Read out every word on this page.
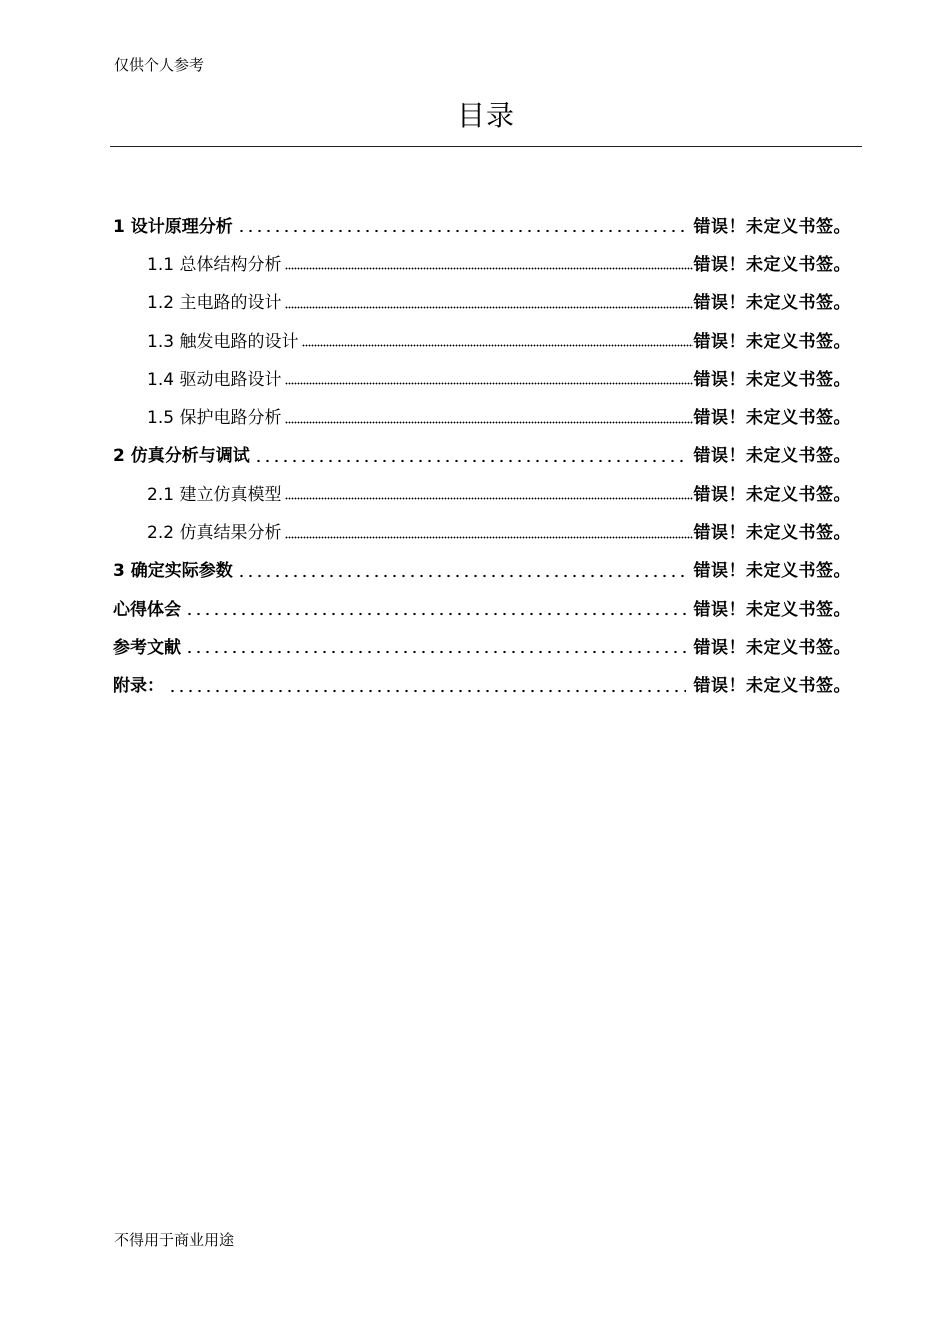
仅供个人参考
目录
1 设计原理分析	错误！未定义书签。
1.1 总体结构分析	错误！未定义书签。
1.2 主电路的设计	错误！未定义书签。
1.3 触发电路的设计	错误！未定义书签。
1.4 驱动电路设计	错误！未定义书签。
1.5 保护电路分析	错误！未定义书签。
2 仿真分析与调试	错误！未定义书签。
2.1 建立仿真模型	错误！未定义书签。
2.2 仿真结果分析	错误！未定义书签。
3 确定实际参数	错误！未定义书签。
心得体会	错误！未定义书签。
参考文献	错误！未定义书签。
附录：	错误！未定义书签。
不得用于商业用途
